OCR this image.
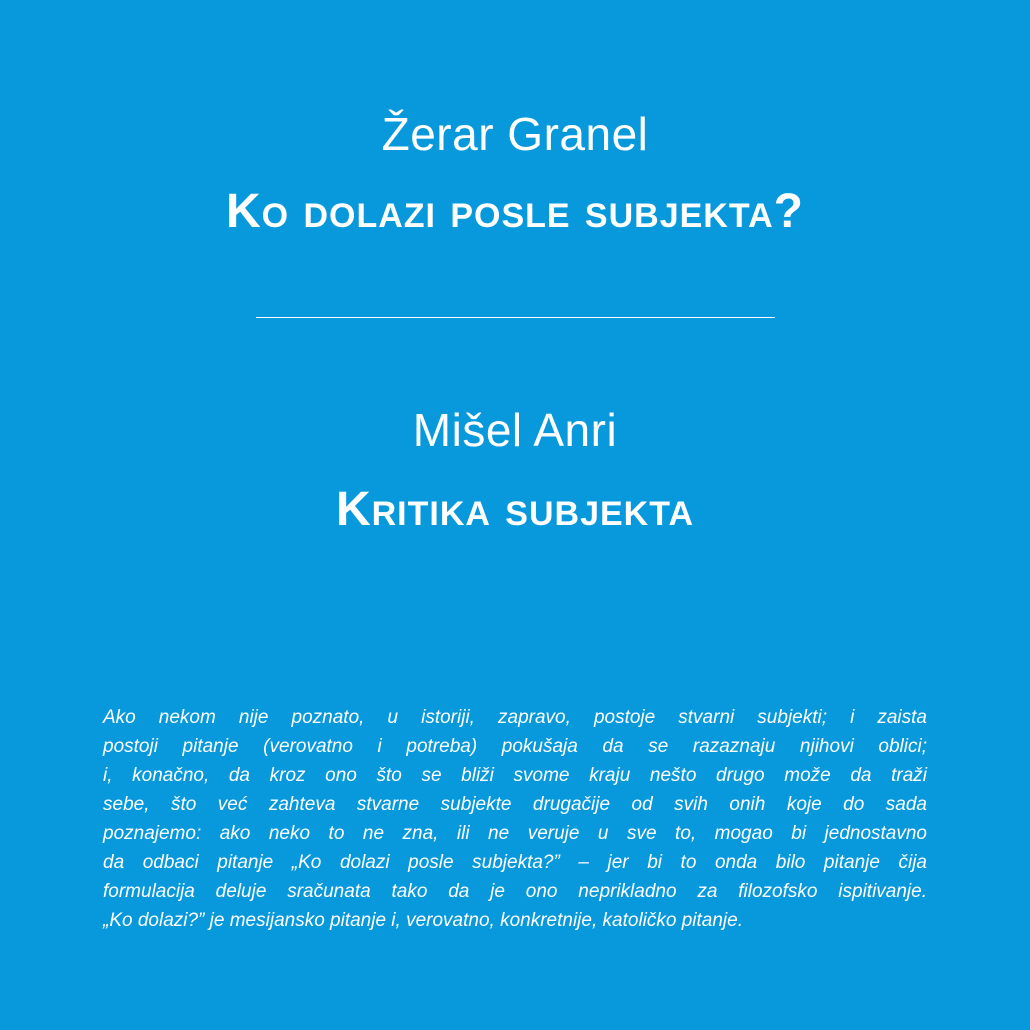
Žerar Granel
Ko dolazi posle subjekta?
Mišel Anri
Kritika subjekta
Ako nekom nije poznato, u istoriji, zapravo, postoje stvarni subjekti; i zaista
postoji pitanje (verovatno i potreba) pokušaja da se razaznaju njihovi oblici;
i, konačno, da kroz ono što se bliži svome kraju nešto drugo može da traži
sebe, što već zahteva stvarne subjekte drugačije od svih onih koje do sada
poznajemo: ako neko to ne zna, ili ne veruje u sve to, mogao bi jednostavno
da odbaci pitanje „Ko dolazi posle subjekta?” – jer bi to onda bilo pitanje čija
formulacija deluje sračunata tako da je ono neprikladno za filozofsko ispitivanje.
„Ko dolazi?” je mesijansko pitanje i, verovatno, konkretnije, katoličko pitanje.
